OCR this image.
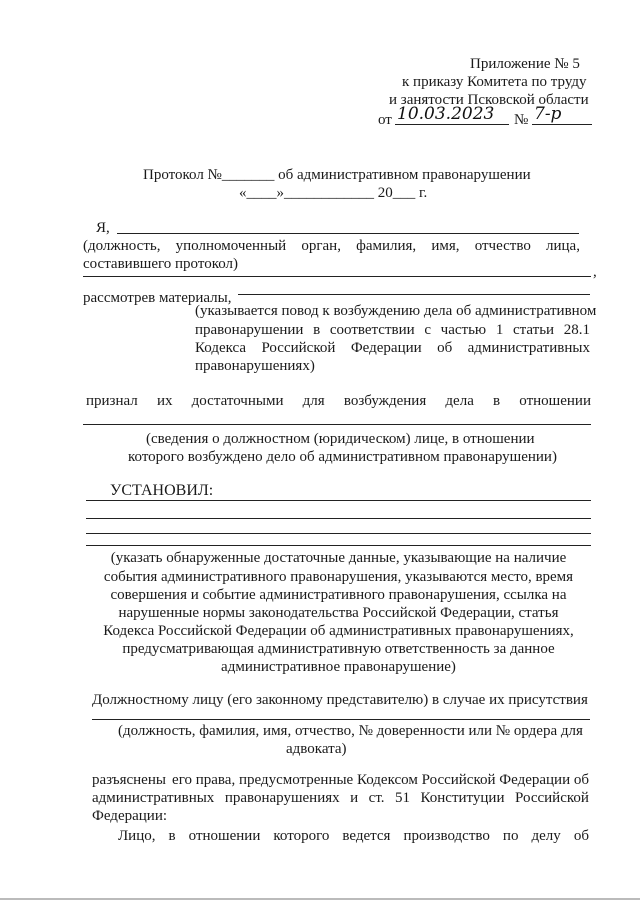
Приложение № 5
к приказу Комитета по труду
и занятости Псковской области
от 10.03.2023 № 7-р
Протокол №_______ об административном правонарушении
«____»____________ 20___ г.
Я,
(должность, уполномоченный орган, фамилия, имя, отчество лица,
составившего протокол)	,
рассмотрев материалы,
(указывается повод к возбуждению дела об административном
правонарушении в соответствии с частью 1 статьи 28.1
Кодекса Российской Федерации об административных
правонарушениях)
признал их достаточными для возбуждения дела в отношении
(сведения о должностном (юридическом) лице, в отношении
которого возбуждено дело об административном правонарушении)
УСТАНОВИЛ:
(указать обнаруженные достаточные данные, указывающие на наличие
события административного правонарушения, указываются место, время
совершения и событие административного правонарушения, ссылка на
нарушенные нормы законодательства Российской Федерации, статья
Кодекса Российской Федерации об административных правонарушениях,
предусматривающая административную ответственность за данное
административное правонарушение)
Должностному лицу (его законному представителю) в случае их присутствия
(должность, фамилия, имя, отчество, № доверенности или № ордера для
адвоката)
разъяснены его права, предусмотренные Кодексом Российской Федерации об
административных правонарушениях и ст. 51 Конституции Российской
Федерации:
Лицо, в отношении которого ведется производство по делу об
